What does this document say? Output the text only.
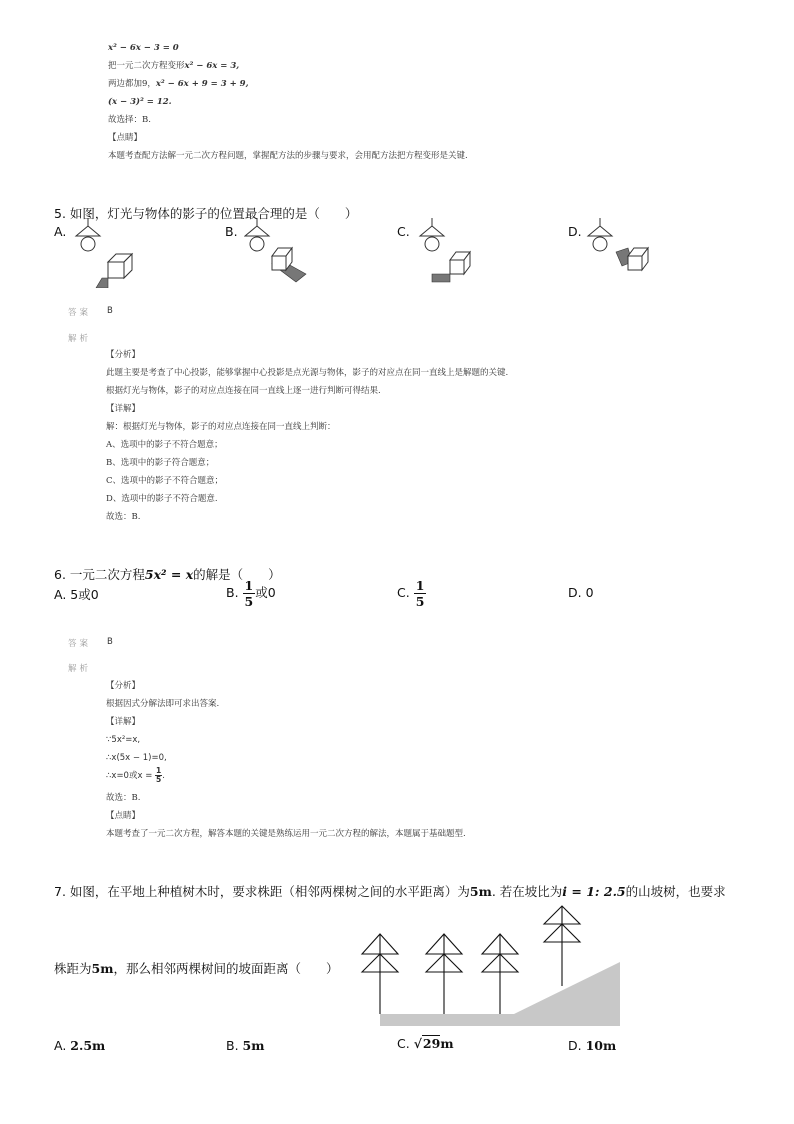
x² − 6x − 3 = 0
把一元二次方程变形x² − 6x = 3,
两边都加9，x² − 6x + 9 = 3 + 9,
(x − 3)² = 12.
故选择：B.
【点睛】
本题考查配方法解一元二次方程问题，掌握配方法的步骤与要求，会用配方法把方程变形是关键.
5. 如图，灯光与物体的影子的位置最合理的是（　　）
A.	B.	C.	D.
答案 B
解析
【分析】
此题主要是考查了中心投影，能够掌握中心投影是点光源与物体，影子的对应点在同一直线上是解题的关键.
根据灯光与物体，影子的对应点连接在同一直线上逐一进行判断可得结果.
【详解】
解：根据灯光与物体，影子的对应点连接在同一直线上判断：
A、选项中的影子不符合题意；
B、选项中的影子符合题意；
C、选项中的影子不符合题意；
D、选项中的影子不符合题意.
故选：B.
6. 一元二次方程5x² = x的解是（　　）
A. 5或0	B. $\frac{1}{5}$ 或0	C. $\frac{1}{5}$	D. 0
答案 B
解析
【分析】
根据因式分解法即可求出答案.
【详解】
∵5x²=x,
∴x(5x − 1)=0,
∴x=0或$x = \frac{1}{5}$ .
故选：B.
【点睛】
本题考查了一元二次方程，解答本题的关键是熟练运用一元二次方程的解法，本题属于基础题型.
7. 如图，在平地上种植树木时，要求株距（相邻两棵树之间的水平距离）为5m. 若在坡比为i = 1: 2.5的山坡树，也要求
株距为5m，那么相邻两棵树间的坡面距离（　　）
A. 2.5m	B. 5m	C. √29m	D. 10m
